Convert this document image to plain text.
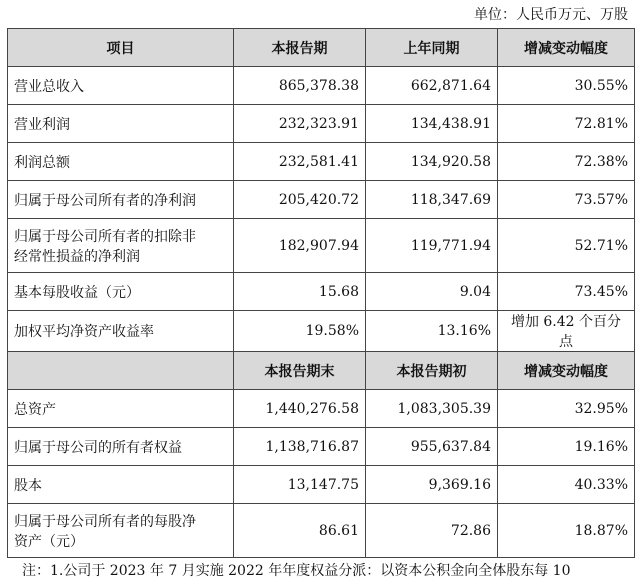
单位：人民币万元、万股
项目	本报告期	上年同期	增减变动幅度
营业总收入	865,378.38	662,871.64	30.55%
营业利润	232,323.91	134,438.91	72.81%
利润总额	232,581.41	134,920.58	72.38%
归属于母公司所有者的净利润	205,420.72	118,347.69	73.57%

归属于母公司所有者的扣除非
经常性损益的净利润	182,907.94	119,771.94	52.71%
基本每股收益（元）	15.68	9.04	73.45%
加权平均净资产收益率	19.58%	13.16%	增加 6.42 个百分点
	本报告期末	本报告期初	增减变动幅度
总资产	1,440,276.58	1,083,305.39	32.95%
归属于母公司的所有者权益	1,138,716.87	955,637.84	19.16%
股本	13,147.75	9,369.16	40.33%

归属于母公司所有者的每股净
资产（元）	86.61	72.86	18.87%
注：1.公司于 2023 年 7 月实施 2022 年年度权益分派：以资本公积金向全体股东每 10
